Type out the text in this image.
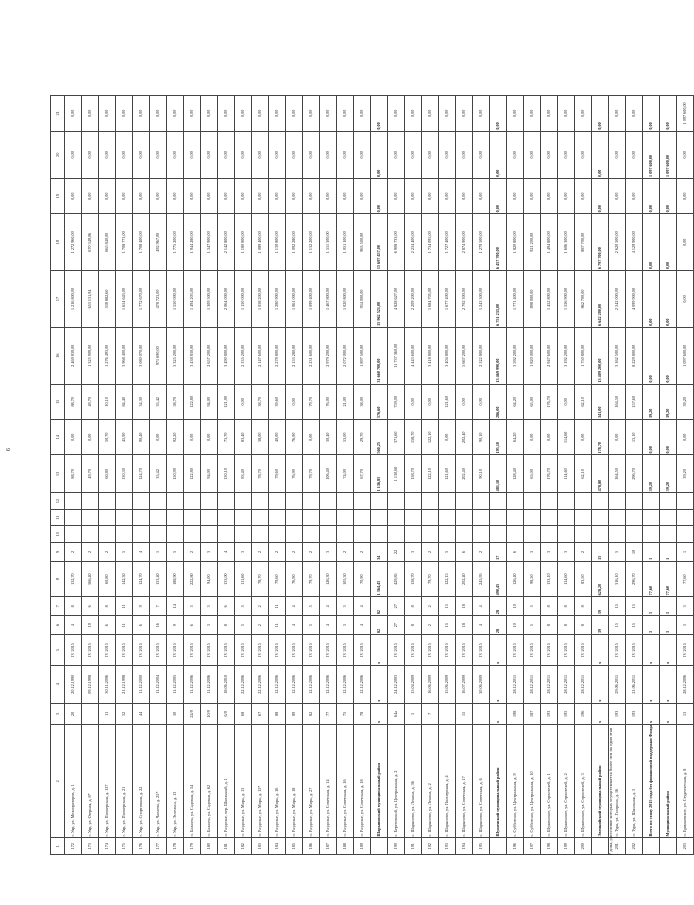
9
1	2	3	4	5	6	7	8	9	10	11	12	13	14	15	16	17	18	19	20	21
172	г. Уяр, ул. Мелиораторов, д. 1	20	20.12.1990	IV 2015	4	8	132,70	2				88,70	0,00	88,70	2 469 839,00	1 216 800,00	1 272 960,00	0,00	0,00	0,00
173	г. Уяр, ул. Озерная, д. 8*		09.12.1998	IV 2015	19	6	566,40	2				49,70	0,00	49,70	1 325 909,00	653 131,94	670 349,06	0,00	0,00	0,00
174	г. Уяр, ул. Пионерская, д. 137	11	30.11.2006	IV 2015	6	8	60,80	2				60,80	50,70	10,10	1 276 493,00	538 882,60	665 840,00	0,00	0,00	0,00
175	г. Уяр, ул. Пионерская, д. 21	32	21.12.1998	IV 2015	11	11	142,30	5				130,30	45,90	84,40	3 968 400,00	1 654 643,00	1 708 771,00	0,00	0,00	0,00
176	г. Уяр, ул. Спортивная, д. 22	44	11.12.2000	IV 2015	6	9	124,70	4				124,70	90,40	34,30	3 080 070,00	1 772 670,00	1 708 400,00	0,00	0,00	0,00
177	г. Уяр, ул. Чапаева, д. 25*		11.12.2004	IV 2015	16	7	153,40	1				35,42	0,00	35,42	971 690,00	478 723,00	492 967,00	0,00	0,00	0,00
178	г. Уяр, ул. Энгельса, д. 13	30	11.12.2005	IV 2015	9	14	188,90	5				150,90	92,20	58,70	3 325 200,00	1 550 000,00	1 775 200,00	0,00	0,00	0,00
179	п. Балахта, ул. Садовая, д. 54	24/9	11.12.2006	IV 2015	6	5	222,80	2				122,80	0,00	122,80	3 438 830,00	1 494 203,00	1 944 280,00	0,00	0,00	0,00
180	п. Балахта, ул. Садовая, д. 62	10/9	11.12.2006	IV 2015	3	3	94,00	3				94,00	0,00	94,00	2 657 200,00	1 309 500,00	1 347 900,00	0,00	0,00	0,00
181	п. Раздолье, пер. Школьный, д. 1	6/9	18.06.2010	IV 2015	8	6	133,00	4				130,10	73,70	121,90	3 490 800,00	2 064 000,00	2 142 800,00	0,00	0,00	0,00
182	п. Раздолье, ул. Мира, д. 13	68	22.12.2006	IV 2015	5	5	111,60	3				83,40	83,40	0,00	2 335 200,00	1 150 000,00	1 180 800,00	0,00	0,00	0,00
183	п. Раздолье, ул. Мира, д. 15*	67	22.12.2006	IV 2015	2	2	78,70	2				78,70	38,00	38,70	2 147 600,00	1 058 200,00	1 089 400,00	0,00	0,00	0,00
184	п. Раздолье, ул. Мира, д. 16	88	12.12.2006	IV 2015	11	11	79,60	2				79,60	40,00	39,60	2 278 800,00	1 280 900,00	1 130 800,00	0,00	0,00	0,00
185	п. Раздолье, ул. Мира, д. 18	89	12.12.2006	IV 2015	4	4	76,90	2				76,90	76,90	0,00	2 153 280,00	1 061 000,00	1 092 280,00	0,00	0,00	0,00
186	п. Раздолье, ул. Мира, д. 27	82	12.12.2006	IV 2015	5	5	79,70	2				79,70	0,00	79,70	2 231 600,00	1 099 400,00	1 132 200,00	0,00	0,00	0,00
187	п. Раздолье, ул. Советская, д. 14	77	12.12.2006	IV 2015	4	4	126,30	3				106,40	30,40	76,00	2 979 200,00	1 467 800,00	1 511 300,00	0,00	0,00	0,00
188	п. Раздолье, ул. Советская, д. 16	75	12.12.2006	IV 2015	3	3	105,30	2				74,00	53,00	21,00	2 072 000,00	1 020 800,00	1 051 100,00	0,00	0,00	0,00
189	п. Раздолье, ул. Советская, д. 18	78	12.12.2006	IV 2015	4	4	70,90	2				67,70	29,70	38,00	1 897 500,00	934 000,00	963 500,00	0,00	0,00	0,00
	Шарыповский муниципальный район	х	х	х	82	82	1 364,45	34				1 136,85	560,25	576,60	31 660 700,00	15 962 521,00	15 697 457,00	0,00	0,00	0,00
190	с. Березовский, ул. Центральная, д. 2	64а	24.12.2003	IV 2015	27	27	429,85	22				1 130,60	371,60	759,00	11 737 360,00	4 828 627,00	6 908 733,00	0,00	0,00	0,00
191	с. Шарыпово, ул. Ленина, д. 36	5	15.04.2009	IV 2015	8	8	158,70	3				158,70	158,70	0,00	4 443 600,00	2 209 200,00	2 234 400,00	0,00	0,00	0,00
192	с. Шарыпово, ул. Ленина, д. 2	7	16.06.2009	IV 2015	2	2	79,70	2				122,10	122,10	0,00	3 418 800,00	1 684 705,00	1 734 095,00	0,00	0,00	0,00
193	с. Шарыпово, ул. Пионерская, д. 4		15.06.2009	IV 2015	15	15	122,15	5				121,60	0,00	121,60	3 404 800,00	1 677 400,00	1 727 400,00	0,00	0,00	0,00
194	с. Шарыпово, ул. Советская, д. 17	15	16.07.2009	IV 2015	18	18	202,40	6				202,40	202,40	0,00	5 667 200,00	2 792 300,00	2 874 900,00	0,00	0,00	0,00
195	с. Шарыпово, ул. Советская, д. 6		30.06.2009	IV 2015	4	4	245,95	2				90,10	90,10	0,00	2 522 800,00	1 243 300,00	1 279 500,00	0,00	0,00	0,00
	Шушенский муниципальный район	х	х	х	28	28	490,45	17				481,10	195,10	286,00	13 469 990,00	6 751 233,00	6 457 700,00	0,00	0,00	0,00
196	с. Субботино, ул. Центральная, д. 9	198	28.12.2011	IV 2015	10	10	126,40	6				128,40	64,20	64,20	3 592 200,00	1 771 400,00	1 820 800,00	0,00	0,00	0,00
197	с. Субботино, ул. Центральная, д. 10	187	28.12.2011	IV 2015	5	5	98,50	3				65,00	0,00	65,00	1 820 000,00	898 000,00	921 200,00	0,00	0,00	0,00
198	п. Шушенское, ул. Строителей, д. 1	193	28.12.2011	IV 2015	8	8	133,10	3				176,70	0,00	176,70	2 947 600,00	1 452 800,00	1 494 800,00	0,00	0,00	0,00
199	п. Шушенское, ул. Строителей, д. 2	195	28.12.2011	IV 2015	8	8	114,60	3				114,60	114,60	0,00	3 192 200,00	1 556 900,00	1 606 300,00	0,00	0,00	0,00
200	п. Шушенское, ул. Строителей, д. 3	196	28.12.2011	IV 2015	8	8	83,50	2				62,10	0,00	62,10	1 750 800,00	862 700,00	887 700,00	0,00	0,00	0,00
	Эвенкийский муниципальный район	х	х	х	39	39	628,20	15				478,80	178,70	341,00	13 409 200,00	6 642 200,00	6 797 700,00	0,00	0,00	0,00
201	п. Тура, ул. Гагарина, д. 16	193	29.06.2011	IV 2015	15	15	316,10	5				164,50	0,00	164,50	3 162 500,00	2 542 000,00	2 620 500,00	0,00	0,00	0,00
202	п. Тура, ул. Школьная, д. 3	193	21.06.2011	IV 2015	15	15	296,70	10				296,70	13,10	157,60	8 229 800,00	4 099 900,00	4 129 900,00	0,00	0,00	0,00
	Всего по этапу 2015 года без финансовой поддержки Фонда	х	х	х	3	3	77,60	1				39,20	0,00	39,20	0,00	0,00	0,00	0,00	1 097 600,00	0,00
	Муниципальный район	х	х	х	3	3	77,60	1				39,20	0,00	39,20	0,00	0,00	0,00	0,00	1 097 600,00	0,00
203	п. Ермаковское, ул. Студенческая, д. 8	13	28.12.2006	IV 2015	3	3	77,60	1				39,20	0,00	39,20	1 097 600,00	0,00	0,00	0,00	0,00	1 097 600,00
* дома, расселение которых осуществляется более чем на один этап
